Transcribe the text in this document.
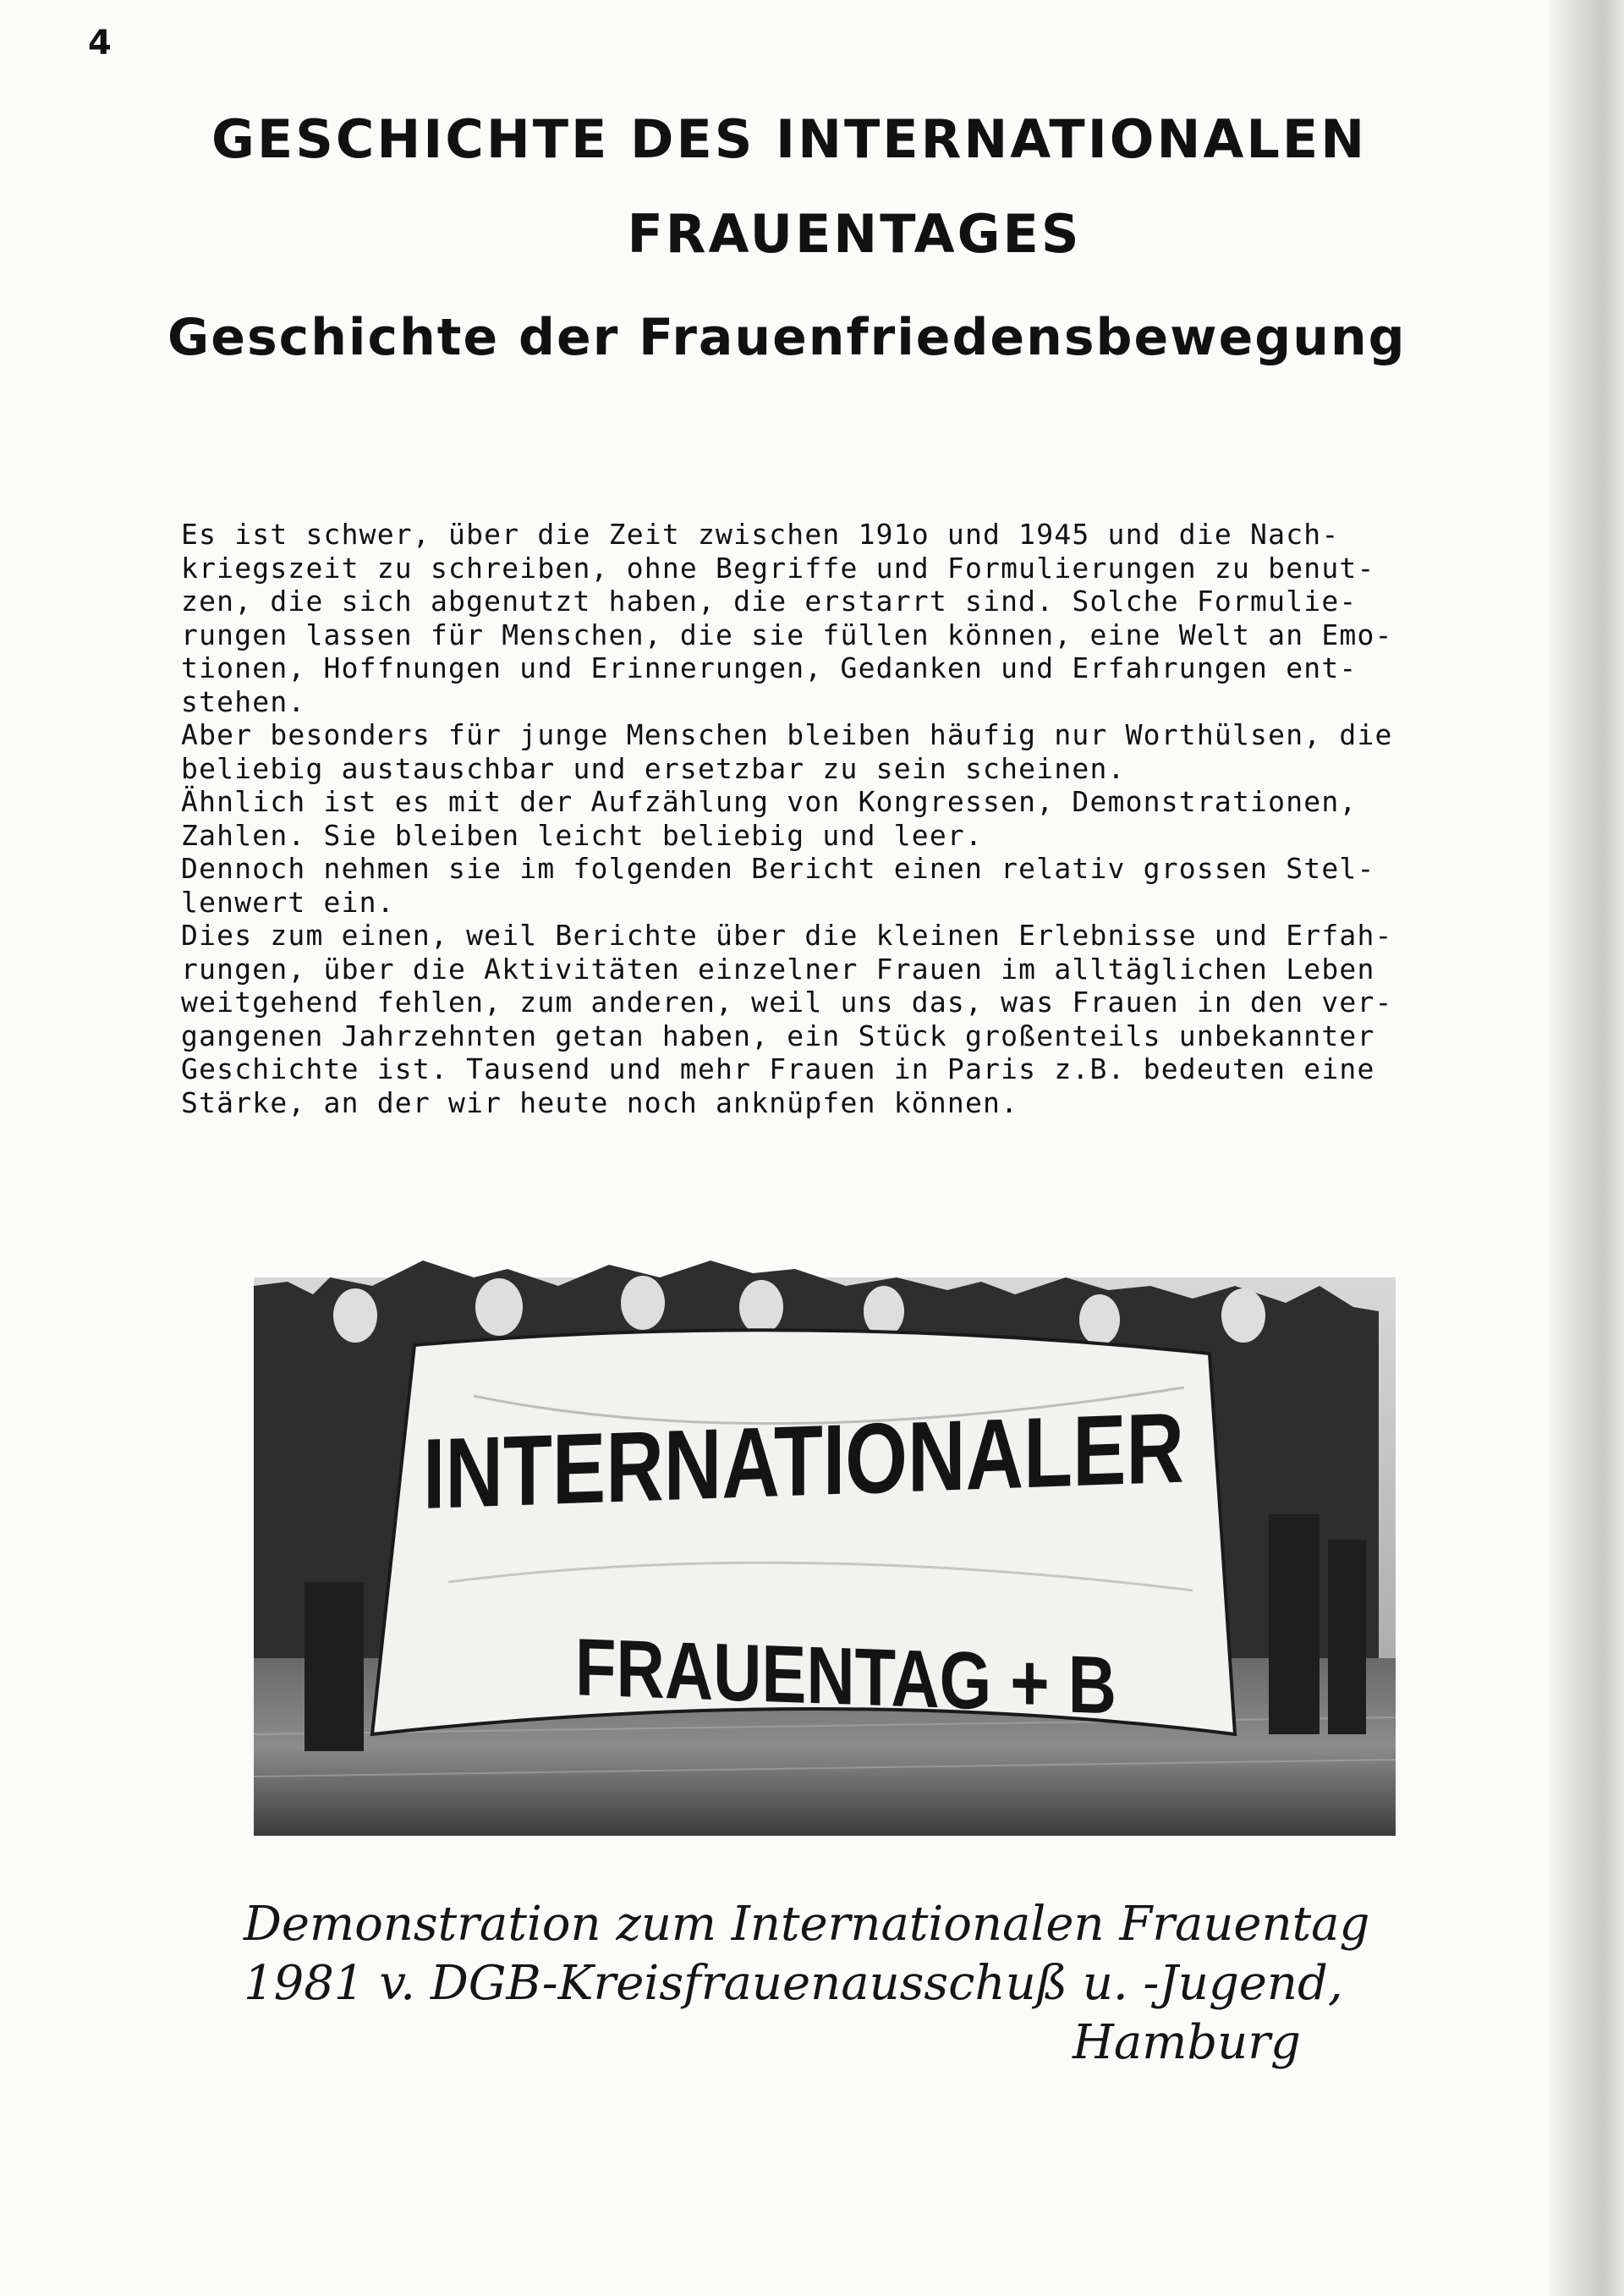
4
GESCHICHTE DES INTERNATIONALEN
FRAUENTAGES
Geschichte der Frauenfriedensbewegung
Es ist schwer, über die Zeit zwischen 191o und 1945 und die Nach-
kriegszeit zu schreiben, ohne Begriffe und Formulierungen zu benut-
zen, die sich abgenutzt haben, die erstarrt sind. Solche Formulie-
rungen lassen für Menschen, die sie füllen können, eine Welt an Emo-
tionen, Hoffnungen und Erinnerungen, Gedanken und Erfahrungen ent-
stehen.
Aber besonders für junge Menschen bleiben häufig nur Worthülsen, die
beliebig austauschbar und ersetzbar zu sein scheinen.
Ähnlich ist es mit der Aufzählung von Kongressen, Demonstrationen,
Zahlen. Sie bleiben leicht beliebig und leer.
Dennoch nehmen sie im folgenden Bericht einen relativ grossen Stel-
lenwert ein.
Dies zum einen, weil Berichte über die kleinen Erlebnisse und Erfah-
rungen, über die Aktivitäten einzelner Frauen im alltäglichen Leben
weitgehend fehlen, zum anderen, weil uns das, was Frauen in den ver-
gangenen Jahrzehnten getan haben, ein Stück großenteils unbekannter
Geschichte ist. Tausend und mehr Frauen in Paris z.B. bedeuten eine
Stärke, an der wir heute noch anknüpfen können.
INTERNATIONALER
FRAUENTAG + B
Demonstration zum Internationalen Frauentag
1981 v. DGB-Kreisfrauenausschuß u. -Jugend,
Hamburg
